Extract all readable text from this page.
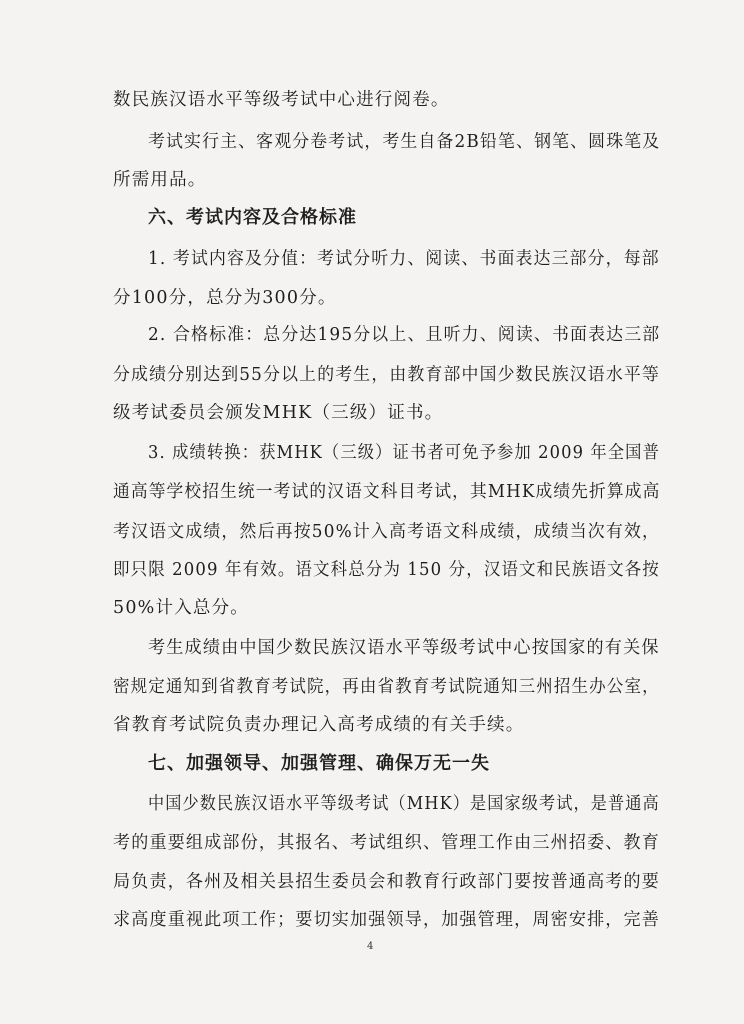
数民族汉语水平等级考试中心进行阅卷。
考试实行主、客观分卷考试，考生自备2B铅笔、钢笔、圆珠笔及
所需用品。
六、考试内容及合格标准
1. 考试内容及分值：考试分听力、阅读、书面表达三部分，每部
分100分，总分为300分。
2. 合格标准：总分达195分以上、且听力、阅读、书面表达三部
分成绩分别达到55分以上的考生，由教育部中国少数民族汉语水平等
级考试委员会颁发MHK（三级）证书。
3. 成绩转换：获MHK（三级）证书者可免予参加 2009 年全国普
通高等学校招生统一考试的汉语文科目考试，其MHK成绩先折算成高
考汉语文成绩，然后再按50%计入高考语文科成绩，成绩当次有效，
即只限 2009 年有效。语文科总分为 150 分，汉语文和民族语文各按
50%计入总分。
考生成绩由中国少数民族汉语水平等级考试中心按国家的有关保
密规定通知到省教育考试院，再由省教育考试院通知三州招生办公室，
省教育考试院负责办理记入高考成绩的有关手续。
七、加强领导、加强管理、确保万无一失
中国少数民族汉语水平等级考试（MHK）是国家级考试，是普通高
考的重要组成部份，其报名、考试组织、管理工作由三州招委、教育
局负责，各州及相关县招生委员会和教育行政部门要按普通高考的要
求高度重视此项工作；要切实加强领导，加强管理，周密安排，完善
4
